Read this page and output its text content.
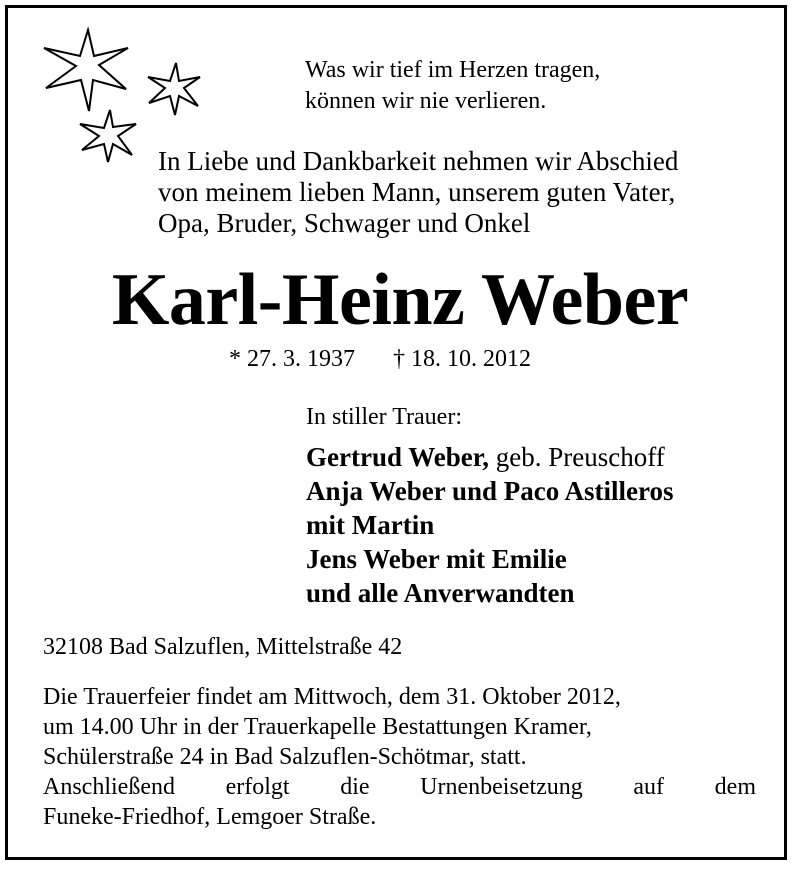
Was wir tief im Herzen tragen,
können wir nie verlieren.
In Liebe und Dankbarkeit nehmen wir Abschied
von meinem lieben Mann, unserem guten Vater,
Opa, Bruder, Schwager und Onkel
Karl-Heinz Weber
* 27. 3. 1937 † 18. 10. 2012
In stiller Trauer:
Gertrud Weber, geb. Preuschoff
Anja Weber und Paco Astilleros
mit Martin
Jens Weber mit Emilie
und alle Anverwandten
32108 Bad Salzuflen, Mittelstraße 42
Die Trauerfeier findet am Mittwoch, dem 31. Oktober 2012,
um 14.00 Uhr in der Trauerkapelle Bestattungen Kramer,
Schülerstraße 24 in Bad Salzuflen-Schötmar, statt.
Anschließend erfolgt die Urnenbeisetzung auf dem
Funeke-Friedhof, Lemgoer Straße.
